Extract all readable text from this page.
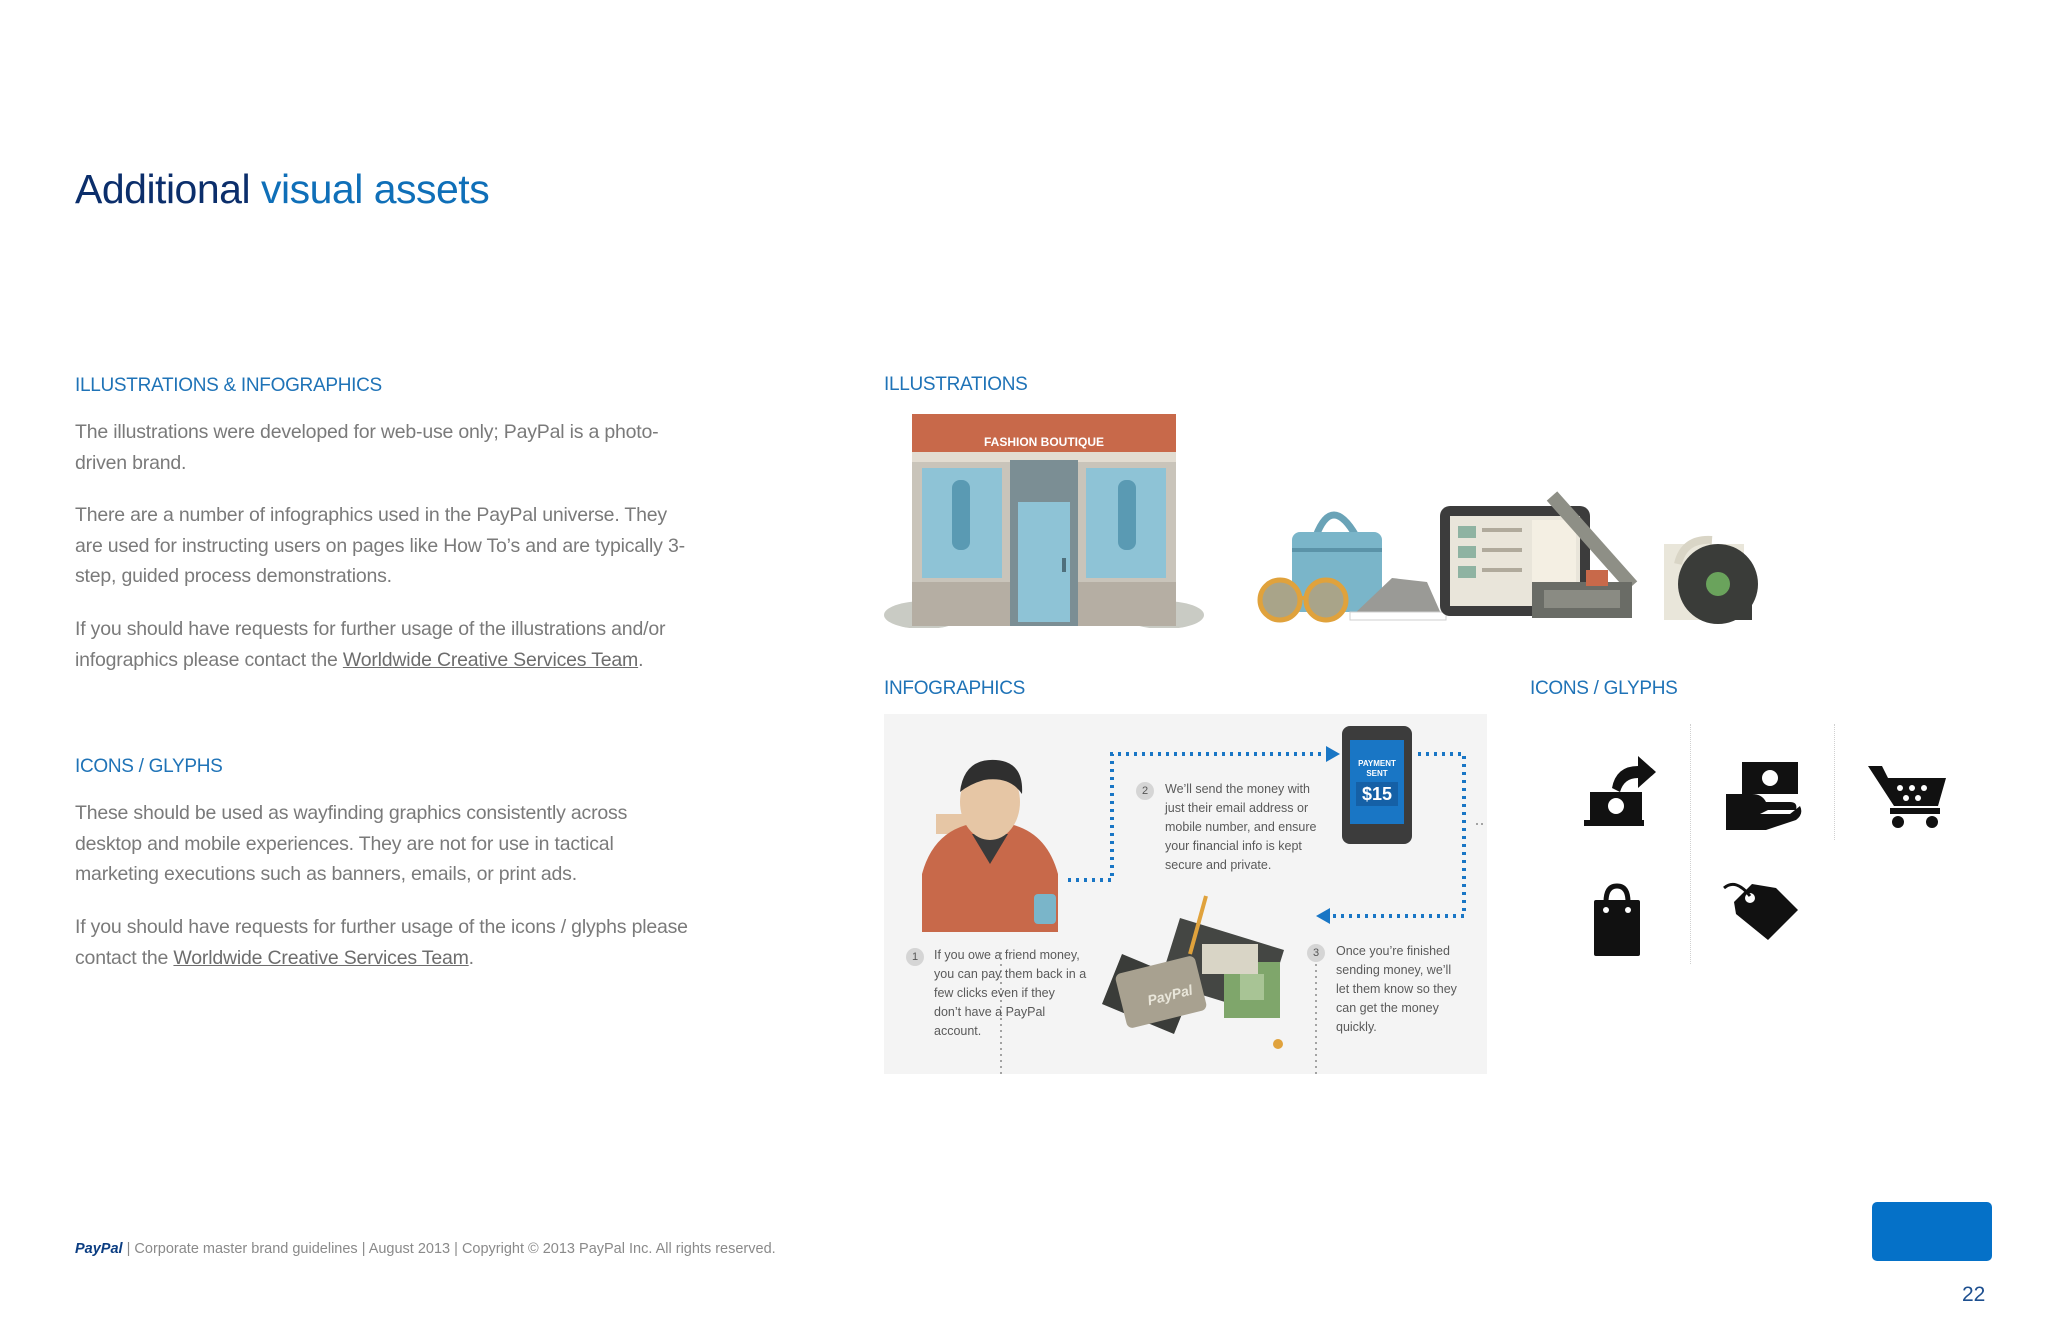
Additional visual assets
ILLUSTRATIONS & INFOGRAPHICS
The illustrations were developed for web-use only; PayPal is a photo-driven brand.
There are a number of infographics used in the PayPal universe. They are used for instructing users on pages like How To’s and are typically 3-step, guided process demonstrations.
If you should have requests for further usage of the illustrations and/or infographics please contact the Worldwide Creative Services Team.
ICONS / GLYPHS
These should be used as wayfinding graphics consistently across desktop and mobile experiences. They are not for use in tactical marketing executions such as banners, emails, or print ads.
If you should have requests for further usage of the icons / glyphs please contact the Worldwide Creative Services Team.
ILLUSTRATIONS
FASHION BOUTIQUE
INFOGRAPHICS
PAYMENT
SENT
$15
PayPal
1	If you owe a friend money,
you can pay them back in a
few clicks even if they
don’t have a PayPal
account.
2	We’ll send the money with
just their email address or
mobile number, and ensure
your financial info is kept
secure and private.
3	Once you’re finished
sending money, we’ll
let them know so they
can get the money
quickly.
ICONS / GLYPHS
PayPal | Corporate master brand guidelines | August 2013 | Copyright © 2013 PayPal Inc. All rights reserved.
22
